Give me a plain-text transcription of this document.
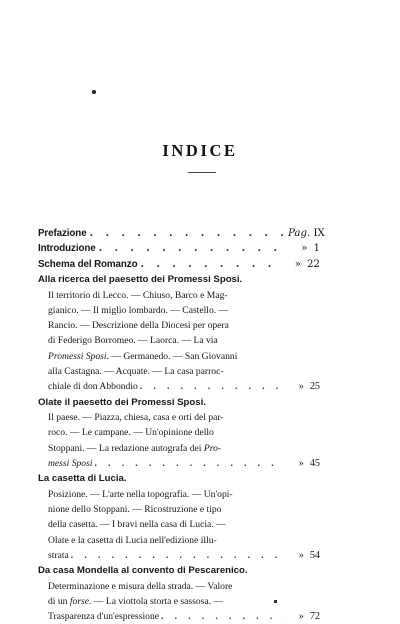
INDICE
Prefazione . . .	Pag. IX
Introduzione . . .	» 1
Schema del Romanzo . . .	» 22
Alla ricerca del paesetto dei Promessi Sposi.
Il territorio di Lecco. — Chiuso, Barco e Mag-
gianico. — Il miglio lombardo. — Castello. —
Rancio. — Descrizione della Diocesi per opera
di Federigo Borromeo. — Laorca. — La via
Promessi Sposi. — Germanedo. — San Giovanni
alla Castagna. — Acquate. — La casa parroc-
chiale di don Abbondio . . .	» 25
Olate il paesetto dei Promessi Sposi.
Il paese. — Piazza, chiesa, casa e orti del par-
roco. — Le campane. — Un'opinione dello
Stoppani. — La redazione autografa dei Pro-
messi Sposi . . .	» 45
La casetta di Lucia.
Posizione. — L'arte nella topografia. — Un'opi-
nione dello Stoppani. — Ricostruzione e tipo
della casetta. — I bravi nella casa di Lucia. —
Olate e la casetta di Lucia nell'edizione illu-
strata . . .	» 54
Da casa Mondella al convento di Pescarenico.
Determinazione e misura della strada. — Valore
di un forse. — La viottola storta e sassosa. —
Trasparenza d'un'espressione . . .	» 72
